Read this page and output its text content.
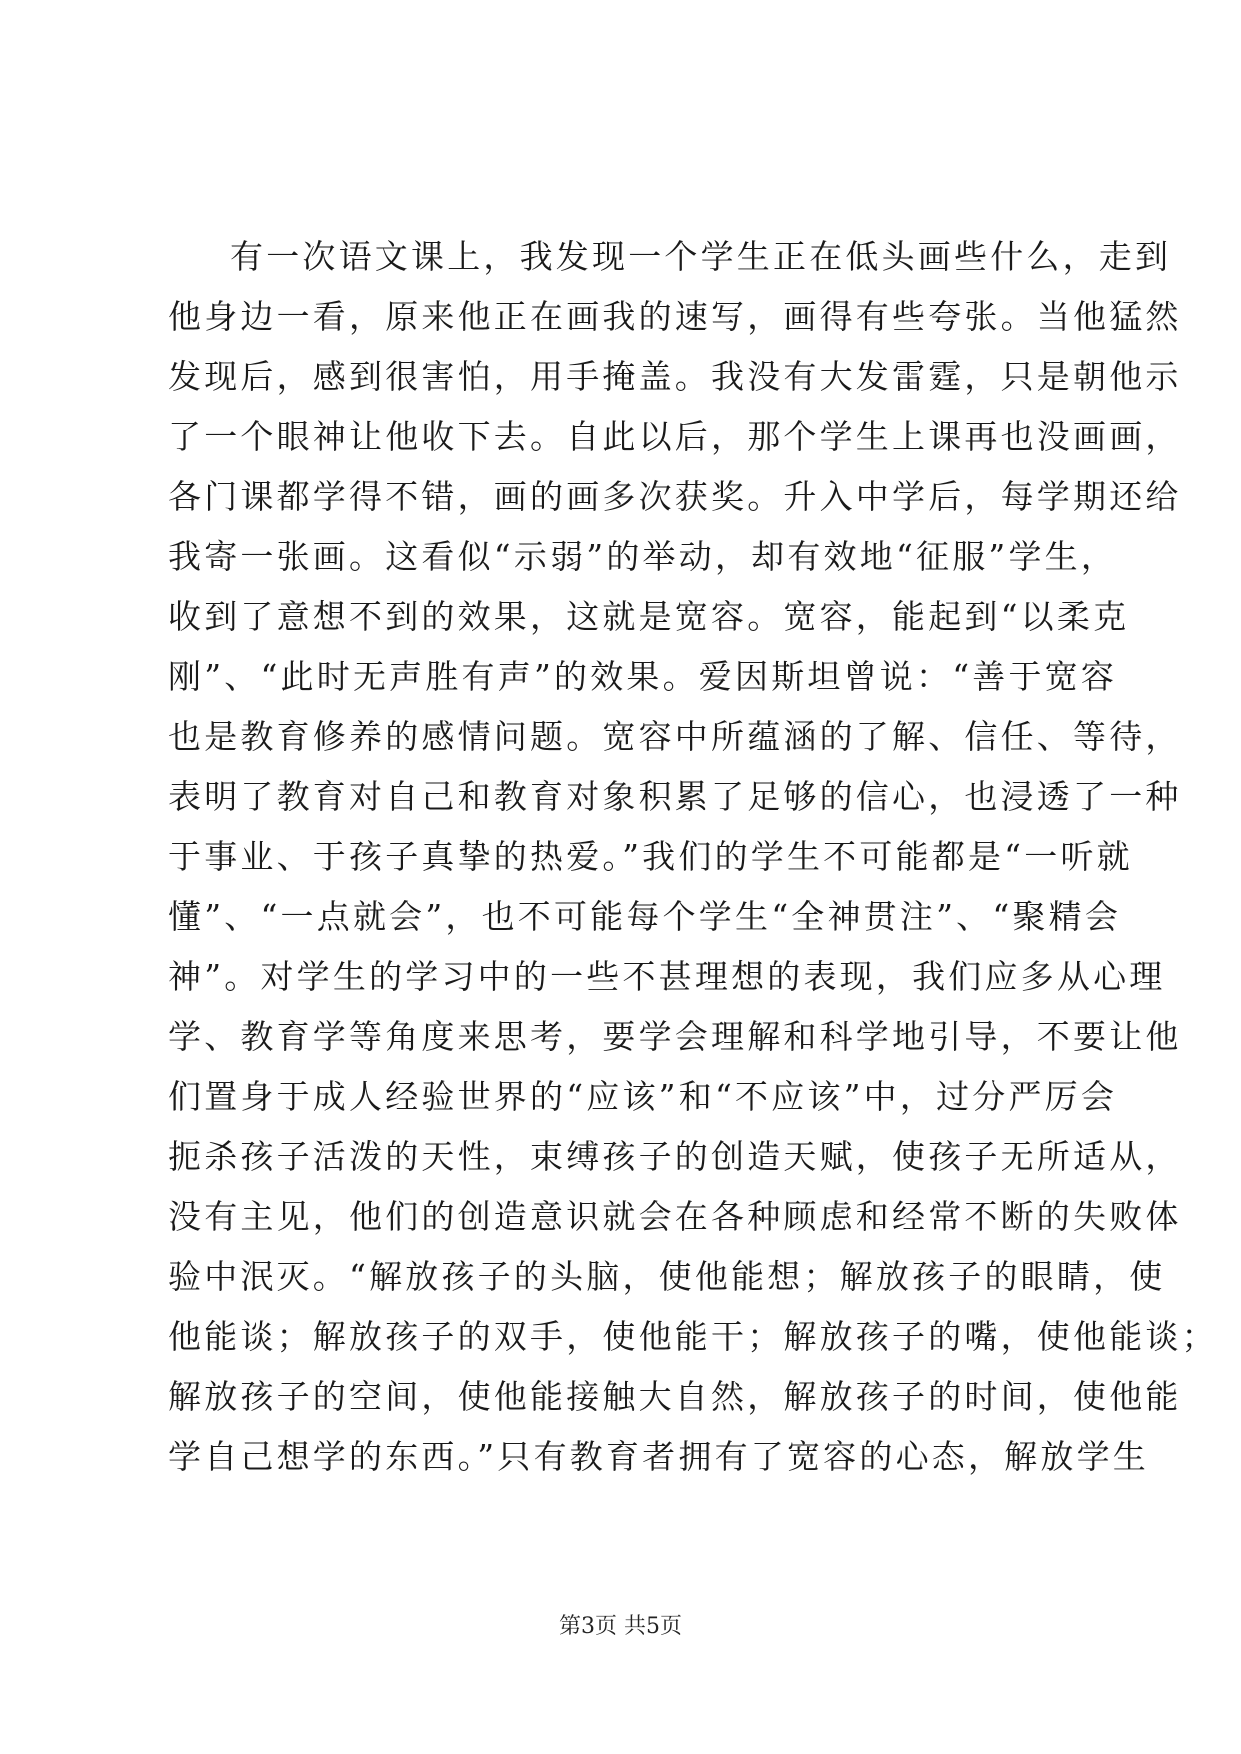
有一次语文课上，我发现一个学生正在低头画些什么，走到
他身边一看，原来他正在画我的速写，画得有些夸张。当他猛然
发现后，感到很害怕，用手掩盖。我没有大发雷霆，只是朝他示
了一个眼神让他收下去。自此以后，那个学生上课再也没画画，
各门课都学得不错，画的画多次获奖。升入中学后，每学期还给
我寄一张画。这看似“示弱”的举动，却有效地“征服”学生，
收到了意想不到的效果，这就是宽容。宽容，能起到“以柔克
刚”、“此时无声胜有声”的效果。爱因斯坦曾说：“善于宽容
也是教育修养的感情问题。宽容中所蕴涵的了解、信任、等待，
表明了教育对自己和教育对象积累了足够的信心，也浸透了一种
于事业、于孩子真挚的热爱。”我们的学生不可能都是“一听就
懂”、“一点就会”，也不可能每个学生“全神贯注”、“聚精会
神”。对学生的学习中的一些不甚理想的表现，我们应多从心理
学、教育学等角度来思考，要学会理解和科学地引导，不要让他
们置身于成人经验世界的“应该”和“不应该”中，过分严厉会
扼杀孩子活泼的天性，束缚孩子的创造天赋，使孩子无所适从，
没有主见，他们的创造意识就会在各种顾虑和经常不断的失败体
验中泯灭。“解放孩子的头脑，使他能想；解放孩子的眼睛，使
他能谈；解放孩子的双手，使他能干；解放孩子的嘴，使他能谈；
解放孩子的空间，使他能接触大自然，解放孩子的时间，使他能
学自己想学的东西。”只有教育者拥有了宽容的心态，解放学生
第3页 共5页
